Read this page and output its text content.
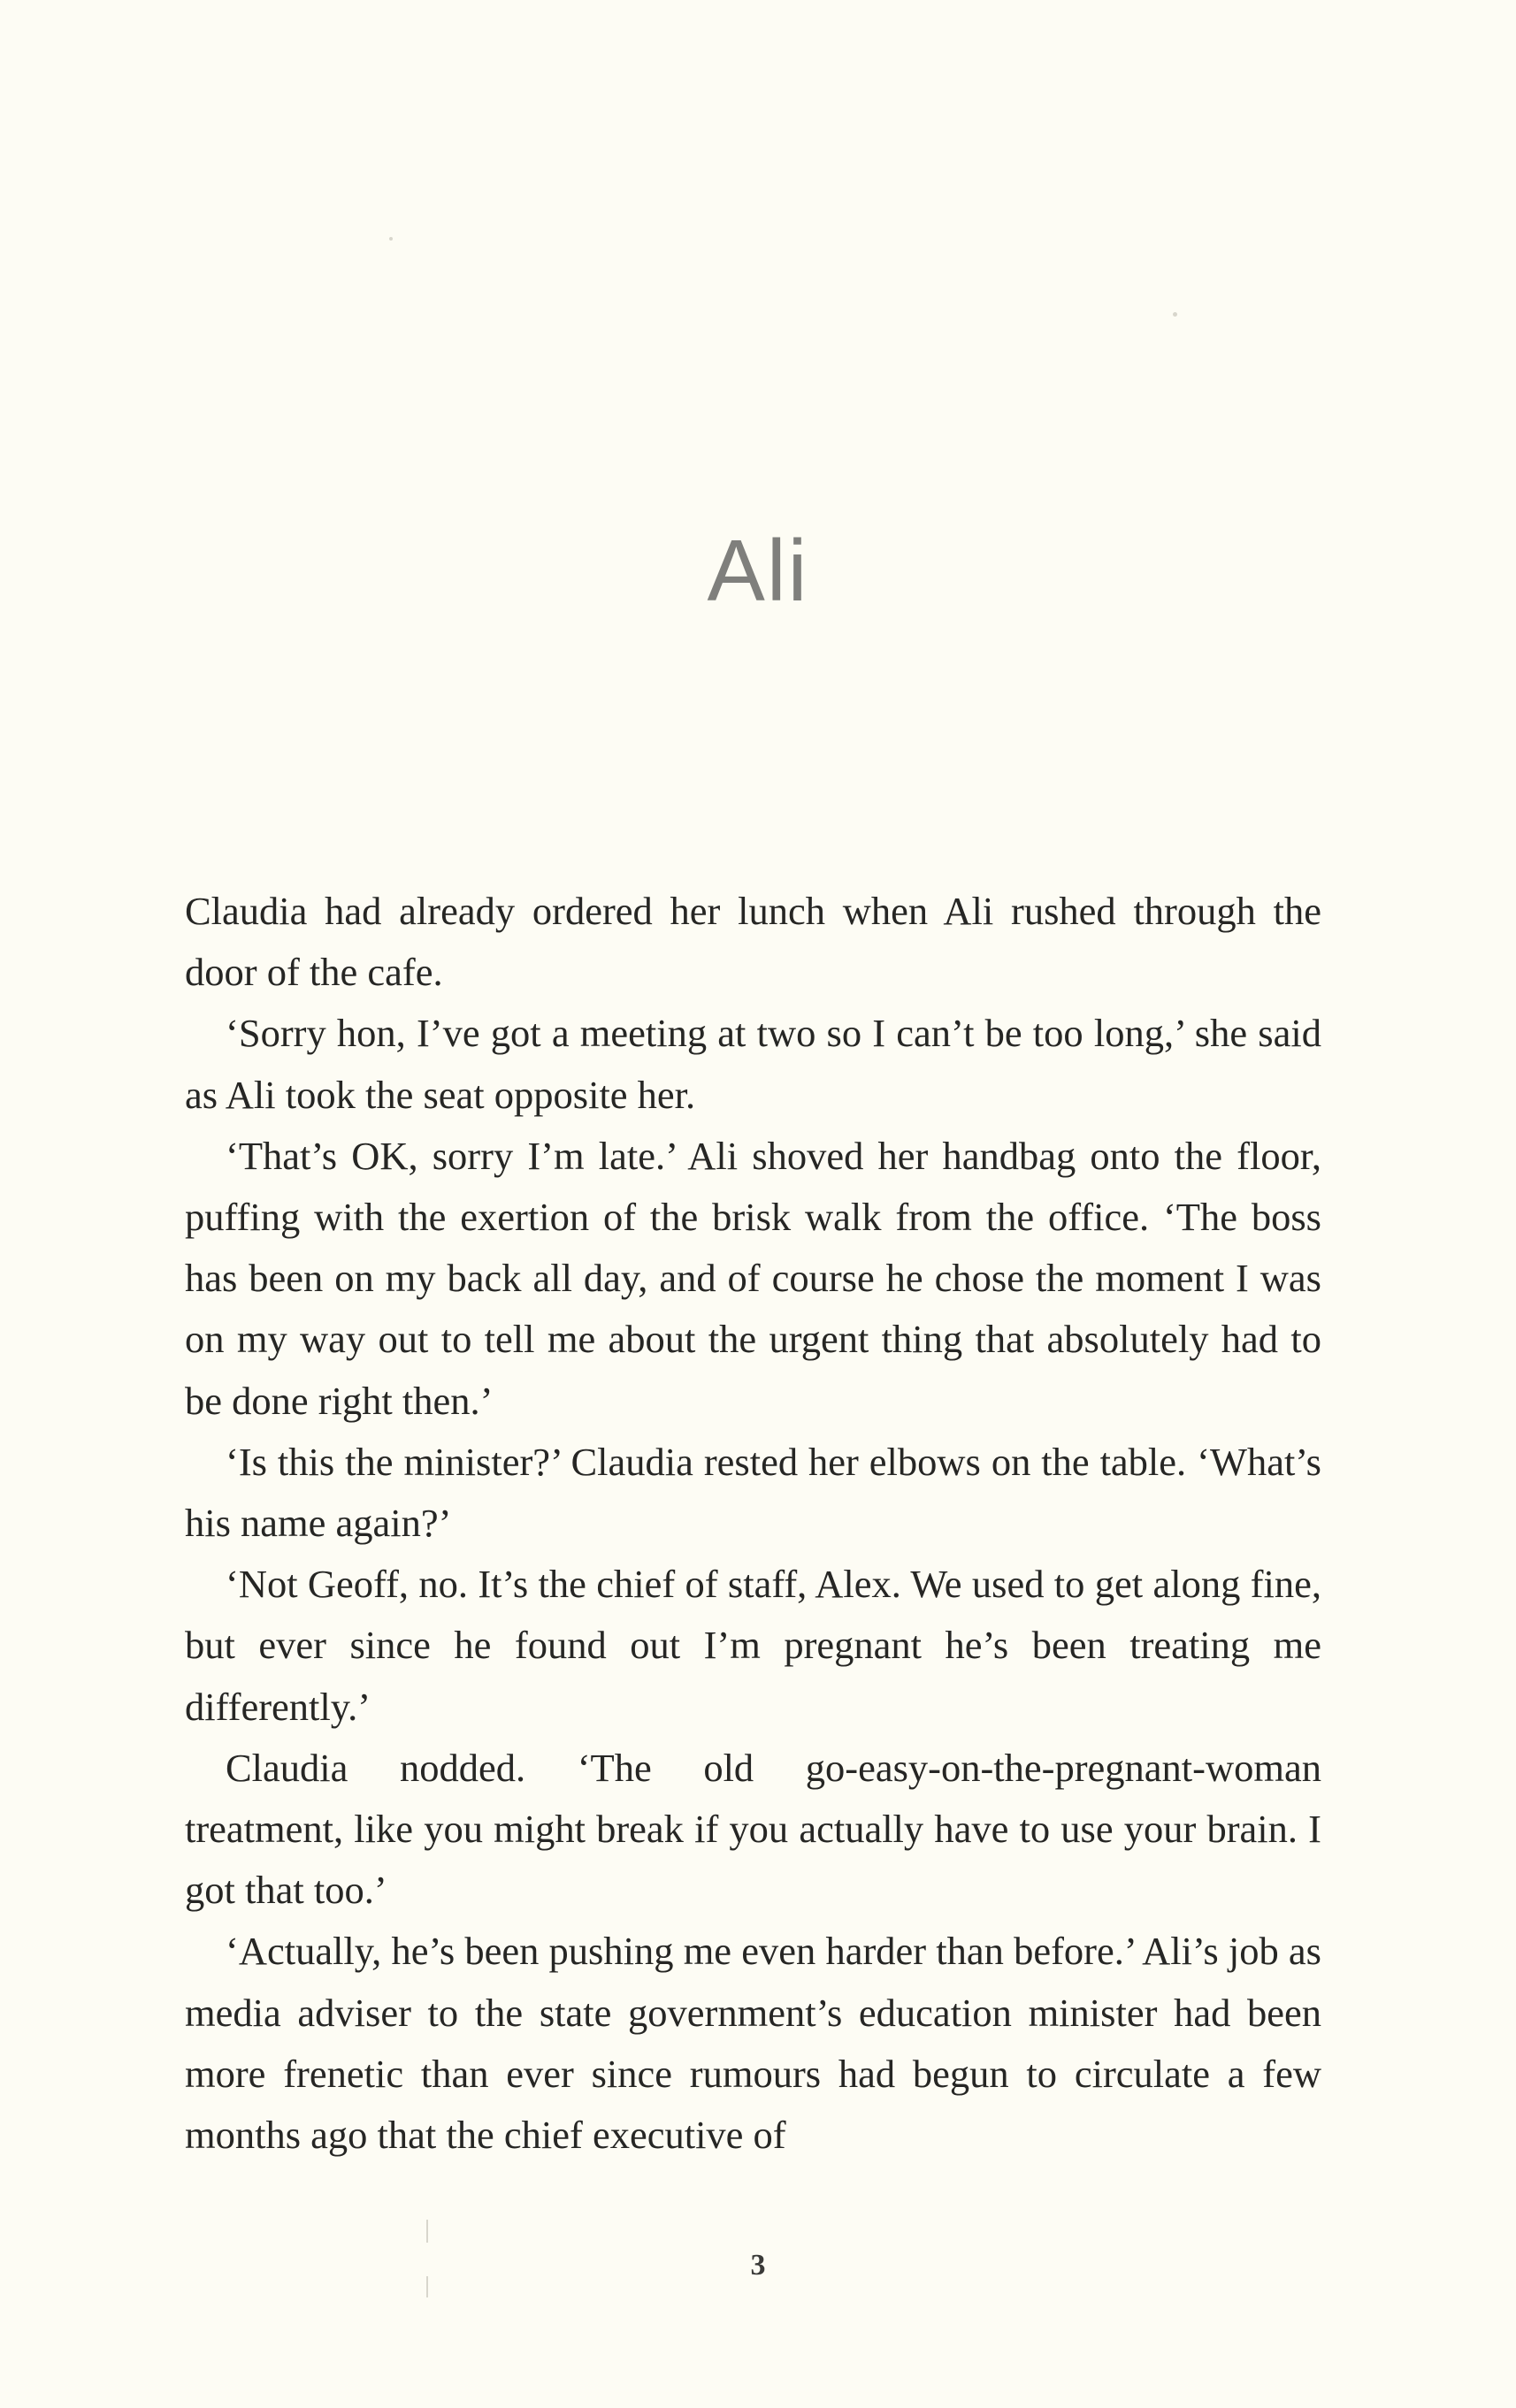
Ali

Claudia had already ordered her lunch when Ali rushed through the door of the cafe.

‘Sorry hon, I’ve got a meeting at two so I can’t be too long,’ she said as Ali took the seat opposite her.

‘That’s OK, sorry I’m late.’ Ali shoved her handbag onto the floor, puffing with the exertion of the brisk walk from the office. ‘The boss has been on my back all day, and of course he chose the moment I was on my way out to tell me about the urgent thing that absolutely had to be done right then.’

‘Is this the minister?’ Claudia rested her elbows on the table. ‘What’s his name again?’

‘Not Geoff, no. It’s the chief of staff, Alex. We used to get along fine, but ever since he found out I’m pregnant he’s been treating me differently.’

Claudia nodded. ‘The old go-easy-on-the-pregnant-woman treatment, like you might break if you actually have to use your brain. I got that too.’

‘Actually, he’s been pushing me even harder than before.’ Ali’s job as media adviser to the state government’s education minister had been more frenetic than ever since rumours had begun to circulate a few months ago that the chief executive of

3
